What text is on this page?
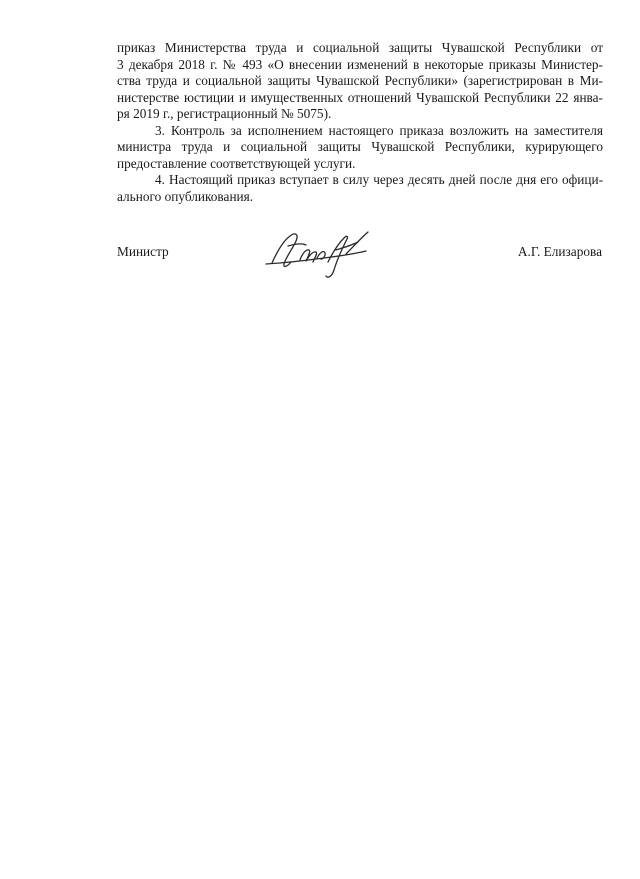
приказ Министерства труда и социальной защиты Чувашской Республики от
3 декабря 2018 г. № 493 «О внесении изменений в некоторые приказы Министер-
ства труда и социальной защиты Чувашской Республики» (зарегистрирован в Ми-
нистерстве юстиции и имущественных отношений Чувашской Республики 22 янва-
ря 2019 г., регистрационный № 5075).
3. Контроль за исполнением настоящего приказа возложить на заместителя
министра труда и социальной защиты Чувашской Республики, курирующего
предоставление соответствующей услуги.
4. Настоящий приказ вступает в силу через десять дней после дня его офици-
ального опубликования.
Министр	А.Г. Елизарова
